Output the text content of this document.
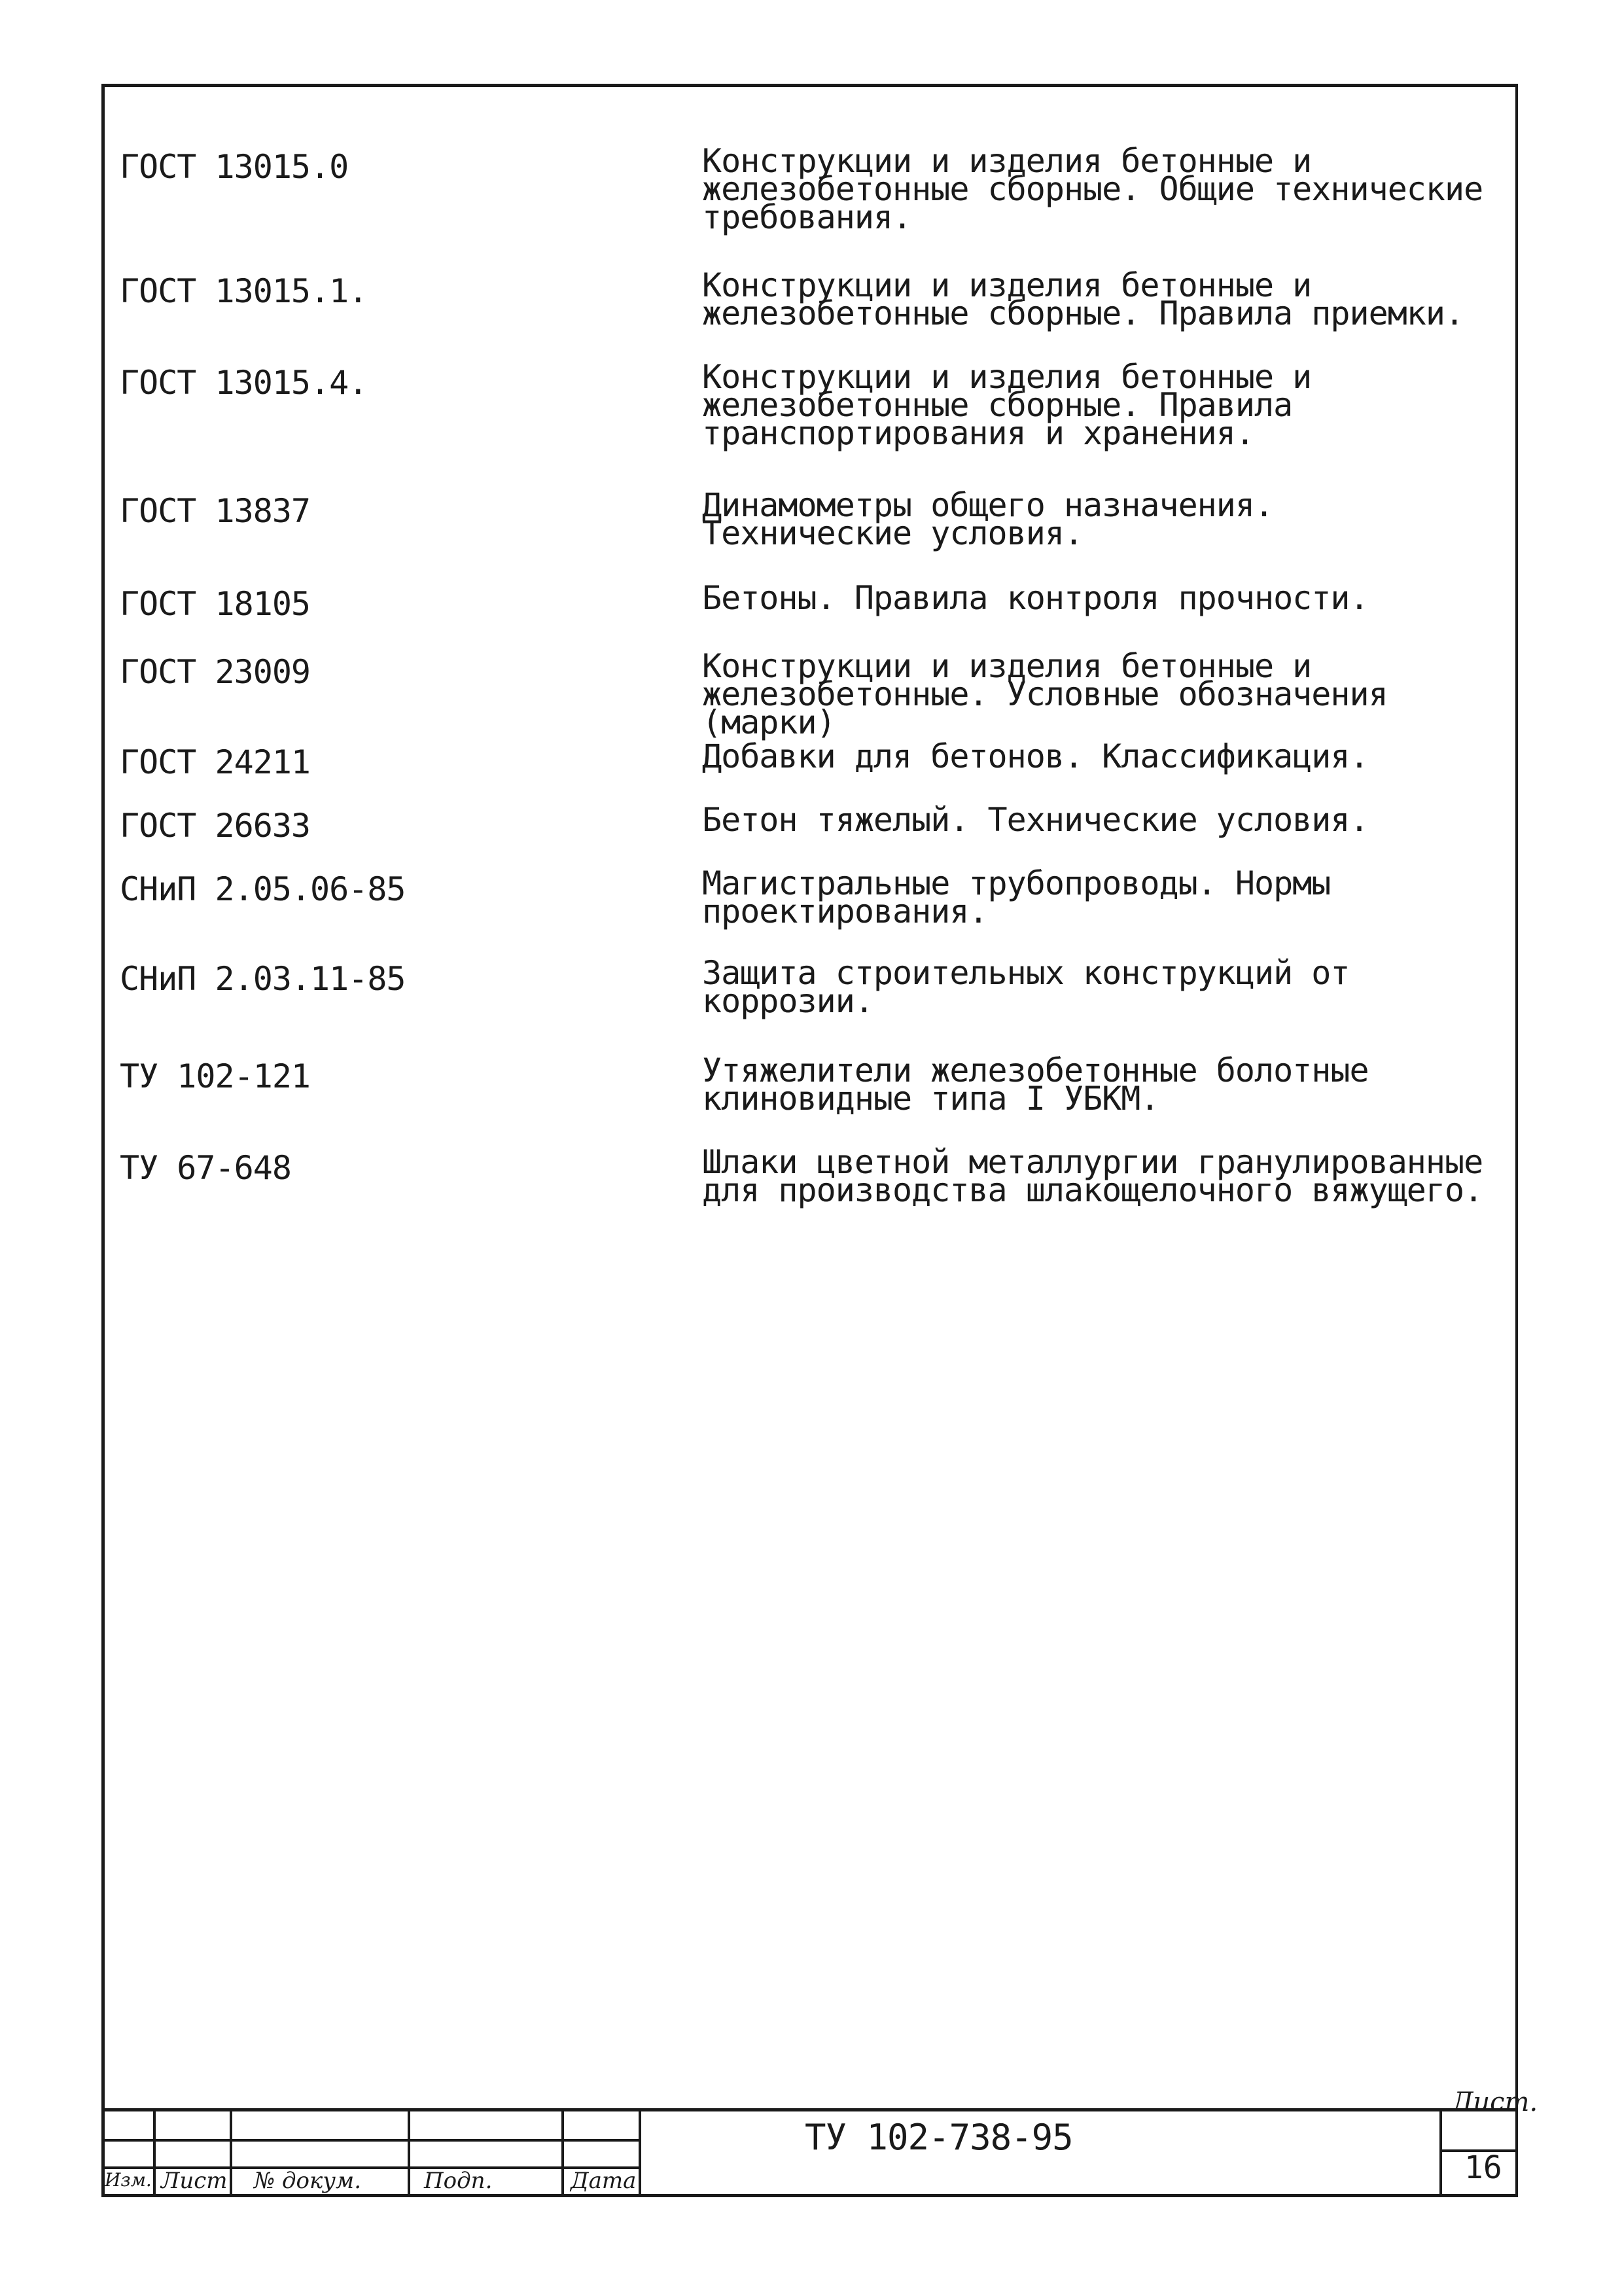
ГОСТ 13015.0	Конструкции и изделия бетонные и железобетонные сборные. Общие технические требования.
ГОСТ 13015.1.	Конструкции и изделия бетонные и железобетонные сборные. Правила приемки.
ГОСТ 13015.4.	Конструкции и изделия бетонные и железобетонные сборные. Правила транспортирования и хранения.
ГОСТ 13837	Динамометры общего назначения. Технические условия.
ГОСТ 18105	Бетоны. Правила контроля прочности.
ГОСТ 23009	Конструкции и изделия бетонные и железобетонные. Условные обозначения (марки)
ГОСТ 24211	Добавки для бетонов. Классификация.
ГОСТ 26633	Бетон тяжелый. Технические условия.
СНиП 2.05.06-85	Магистральные трубопроводы. Нормы проектирования.
СНиП 2.03.11-85	Защита строительных конструкций от коррозии.
ТУ 102-121	Утяжелители железобетонные болотные клиновидные типа I УБКМ.
ТУ 67-648	Шлаки цветной металлургии гранулированные для производства шлакощелочного вяжущего.
Изм. Лист № докум.	Подп.	Дата
ТУ 102-738-95
Лист.
16
